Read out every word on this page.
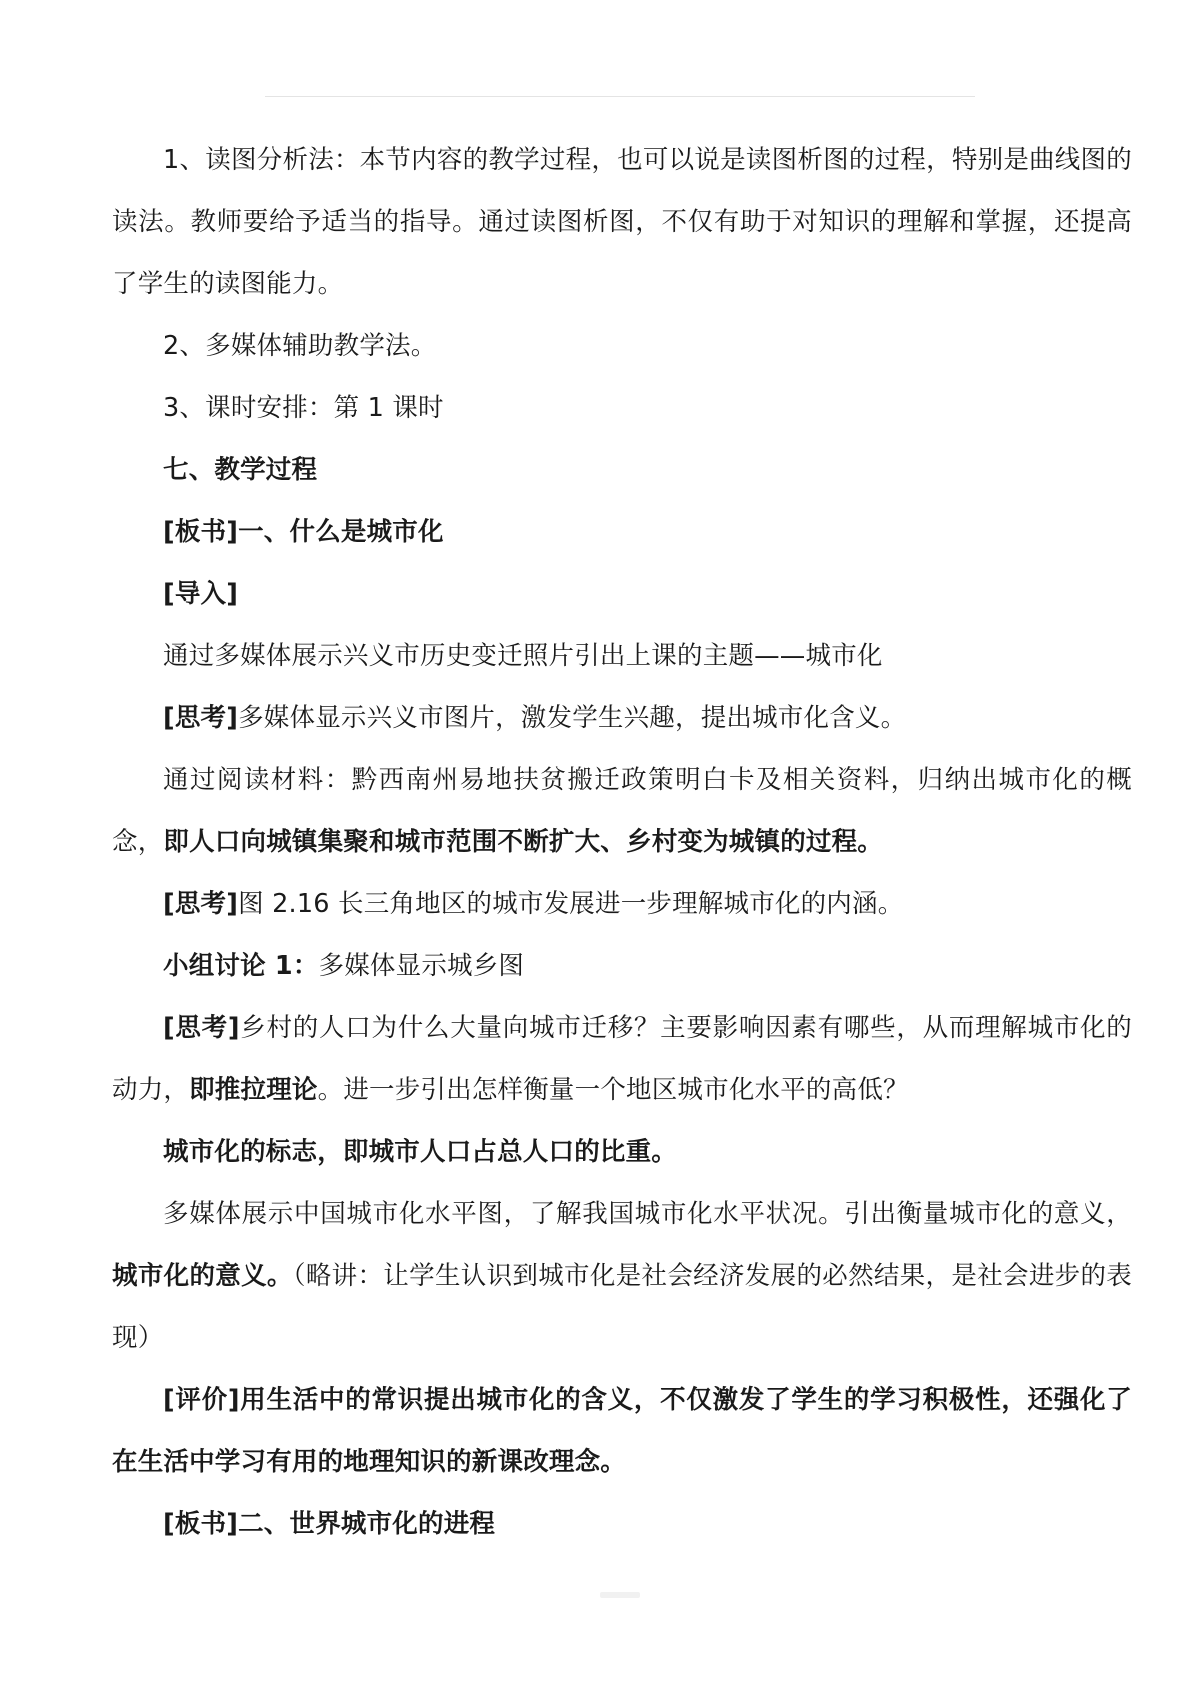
1、读图分析法：本节内容的教学过程，也可以说是读图析图的过程，特别是曲线图的读法。教师要给予适当的指导。通过读图析图，不仅有助于对知识的理解和掌握，还提高了学生的读图能力。

2、多媒体辅助教学法。

3、课时安排：第 1 课时

七、教学过程

[板书]一、什么是城市化

[导入]

通过多媒体展示兴义市历史变迁照片引出上课的主题——城市化

[思考]多媒体显示兴义市图片，激发学生兴趣，提出城市化含义。

通过阅读材料：黔西南州易地扶贫搬迁政策明白卡及相关资料，归纳出城市化的概念，即人口向城镇集聚和城市范围不断扩大、乡村变为城镇的过程。

[思考]图 2.16 长三角地区的城市发展进一步理解城市化的内涵。

小组讨论 1：多媒体显示城乡图

[思考]乡村的人口为什么大量向城市迁移？主要影响因素有哪些，从而理解城市化的动力，即推拉理论。进一步引出怎样衡量一个地区城市化水平的高低？

城市化的标志，即城市人口占总人口的比重。

多媒体展示中国城市化水平图，了解我国城市化水平状况。引出衡量城市化的意义，城市化的意义。（略讲：让学生认识到城市化是社会经济发展的必然结果，是社会进步的表现）

[评价]用生活中的常识提出城市化的含义，不仅激发了学生的学习积极性，还强化了在生活中学习有用的地理知识的新课改理念。

[板书]二、世界城市化的进程
